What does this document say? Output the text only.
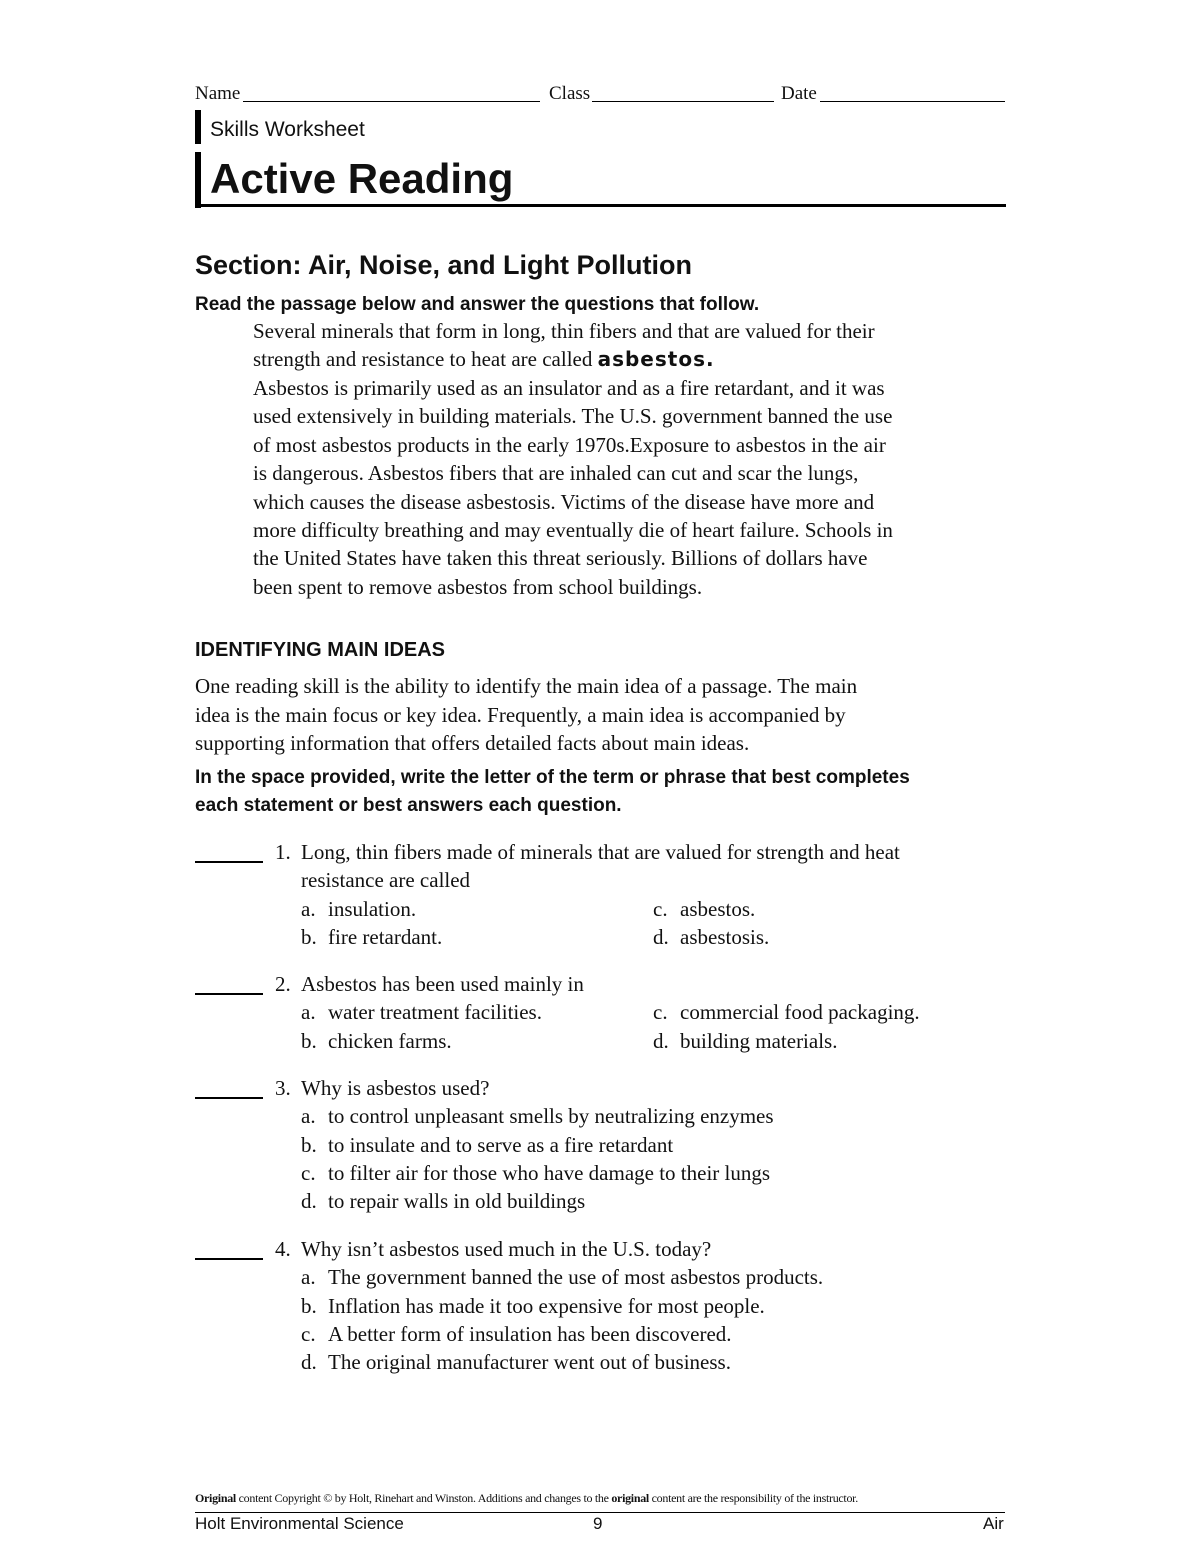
Name	Class	Date
Skills Worksheet
Active Reading
Section: Air, Noise, and Light Pollution
Read the passage below and answer the questions that follow.
Several minerals that form in long, thin fibers and that are valued for their
strength and resistance to heat are called asbestos.
Asbestos is primarily used as an insulator and as a fire retardant, and it was
used extensively in building materials. The U.S. government banned the use
of most asbestos products in the early 1970s.Exposure to asbestos in the air
is dangerous. Asbestos fibers that are inhaled can cut and scar the lungs,
which causes the disease asbestosis. Victims of the disease have more and
more difficulty breathing and may eventually die of heart failure. Schools in
the United States have taken this threat seriously. Billions of dollars have
been spent to remove asbestos from school buildings.
IDENTIFYING MAIN IDEAS
One reading skill is the ability to identify the main idea of a passage. The main
idea is the main focus or key idea. Frequently, a main idea is accompanied by
supporting information that offers detailed facts about main ideas.
In the space provided, write the letter of the term or phrase that best completes
each statement or best answers each question.
1. Long, thin fibers made of minerals that are valued for strength and heat
resistance are called
a. insulation.	c. asbestos.
b. fire retardant.	d. asbestosis.
2. Asbestos has been used mainly in
a. water treatment facilities.	c. commercial food packaging.
b. chicken farms.	d. building materials.
3. Why is asbestos used?
a. to control unpleasant smells by neutralizing enzymes
b. to insulate and to serve as a fire retardant
c. to filter air for those who have damage to their lungs
d. to repair walls in old buildings
4. Why isn’t asbestos used much in the U.S. today?
a. The government banned the use of most asbestos products.
b. Inflation has made it too expensive for most people.
c. A better form of insulation has been discovered.
d. The original manufacturer went out of business.
Original content Copyright © by Holt, Rinehart and Winston. Additions and changes to the original content are the responsibility of the instructor.
Holt Environmental Science	9	Air
